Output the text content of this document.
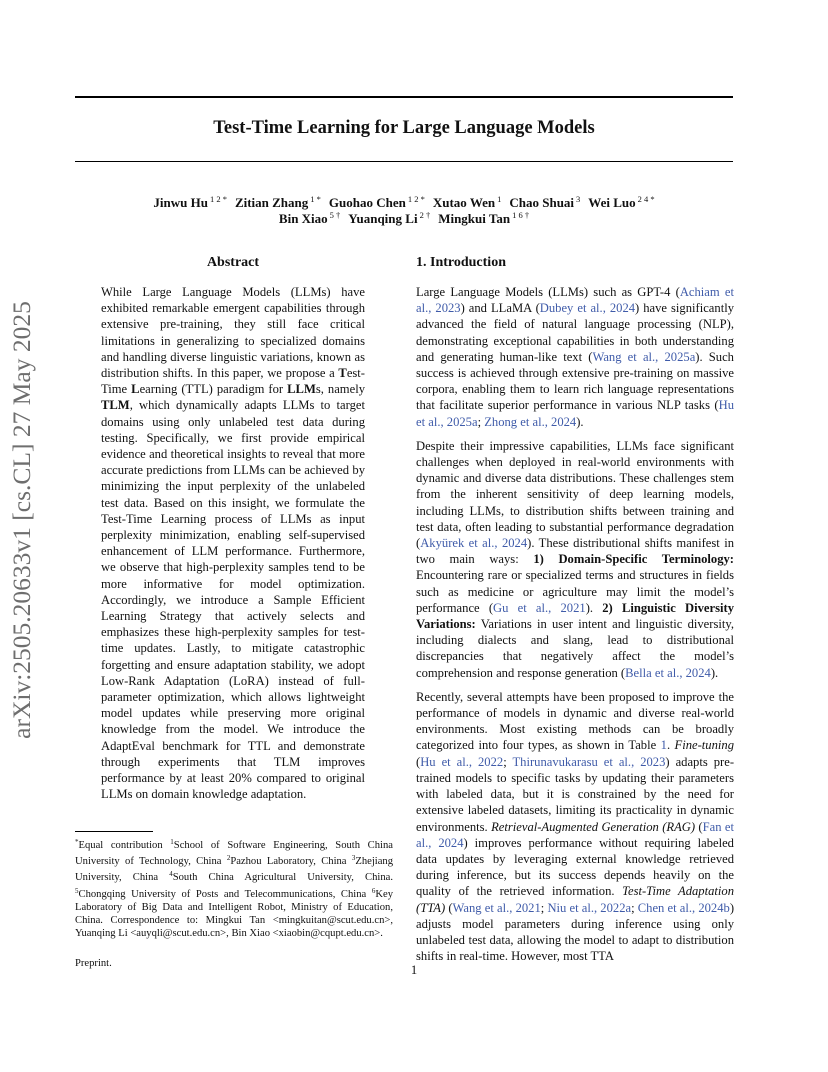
arXiv:2505.20633v1 [cs.CL] 27 May 2025
Test-Time Learning for Large Language Models
Jinwu Hu $^{1 2 *}$ Zitian Zhang $^{1 *}$ Guohao Chen $^{1 2 *}$ Xutao Wen $^1$ Chao Shuai $^3$ Wei Luo $^{2 4 *}$
Bin Xiao $^{5 \dagger}$ Yuanqing Li $^{2 \dagger}$ Mingkui Tan $^{1 6 \dagger}$
Abstract

While Large Language Models (LLMs) have exhibited remarkable emergent capabilities through extensive pre-training, they still face critical limitations in generalizing to specialized domains and handling diverse linguistic variations, known as distribution shifts. In this paper, we propose a Test-Time Learning (TTL) paradigm for LLMs, namely TLM, which dynamically adapts LLMs to target domains using only unlabeled test data during testing. Specifically, we first provide empirical evidence and theoretical insights to reveal that more accurate predictions from LLMs can be achieved by minimizing the input perplexity of the unlabeled test data. Based on this insight, we formulate the Test-Time Learning process of LLMs as input perplexity minimization, enabling self-supervised enhancement of LLM performance. Furthermore, we observe that high-perplexity samples tend to be more informative for model optimization. Accordingly, we introduce a Sample Efficient Learning Strategy that actively selects and emphasizes these high-perplexity samples for test-time updates. Lastly, to mitigate catastrophic forgetting and ensure adaptation stability, we adopt Low-Rank Adaptation (LoRA) instead of full-parameter optimization, which allows lightweight model updates while preserving more original knowledge from the model. We introduce the AdaptEval benchmark for TTL and demonstrate through experiments that TLM improves performance by at least 20% compared to original LLMs on domain knowledge adaptation.

1. Introduction

Large Language Models (LLMs) such as GPT-4 (Achiam et al., 2023) and LLaMA (Dubey et al., 2024) have significantly advanced the field of natural language processing (NLP), demonstrating exceptional capabilities in both understanding and generating human-like text (Wang et al., 2025a). Such success is achieved through extensive pre-training on massive corpora, enabling them to learn rich language representations that facilitate superior performance in various NLP tasks (Hu et al., 2025a; Zhong et al., 2024).

Despite their impressive capabilities, LLMs face significant challenges when deployed in real-world environments with dynamic and diverse data distributions. These challenges stem from the inherent sensitivity of deep learning models, including LLMs, to distribution shifts between training and test data, often leading to substantial performance degradation (Akyürek et al., 2024). These distributional shifts manifest in two main ways: 1) Domain-Specific Terminology: Encountering rare or specialized terms and structures in fields such as medicine or agriculture may limit the model’s performance (Gu et al., 2021). 2) Linguistic Diversity Variations: Variations in user intent and linguistic diversity, including dialects and slang, lead to distributional discrepancies that negatively affect the model’s comprehension and response generation (Bella et al., 2024).

Recently, several attempts have been proposed to improve the performance of models in dynamic and diverse real-world environments. Most existing methods can be broadly categorized into four types, as shown in Table 1. Fine-tuning (Hu et al., 2022; Thirunavukarasu et al., 2023) adapts pre-trained models to specific tasks by updating their parameters with labeled data, but it is constrained by the need for extensive labeled datasets, limiting its practicality in dynamic environments. Retrieval-Augmented Generation (RAG) (Fan et al., 2024) improves performance without requiring labeled data updates by leveraging external knowledge retrieved during inference, but its success depends heavily on the quality of the retrieved information. Test-Time Adaptation (TTA) (Wang et al., 2021; Niu et al., 2022a; Chen et al., 2024b) adjusts model parameters during inference using only unlabeled test data, allowing the model to adapt to distribution shifts in real-time. However, most TTA

*Equal contribution $^1$School of Software Engineering, South China University of Technology, China $^2$Pazhou Laboratory, China $^3$Zhejiang University, China $^4$South China Agricultural University, China. $^5$Chongqing University of Posts and Telecommunications, China $^6$Key Laboratory of Big Data and Intelligent Robot, Ministry of Education, China. Correspondence to: Mingkui Tan <mingkuitan@scut.edu.cn>, Yuanqing Li <auyqli@scut.edu.cn>, Bin Xiao <xiaobin@cqupt.edu.cn>.
Preprint.	1
